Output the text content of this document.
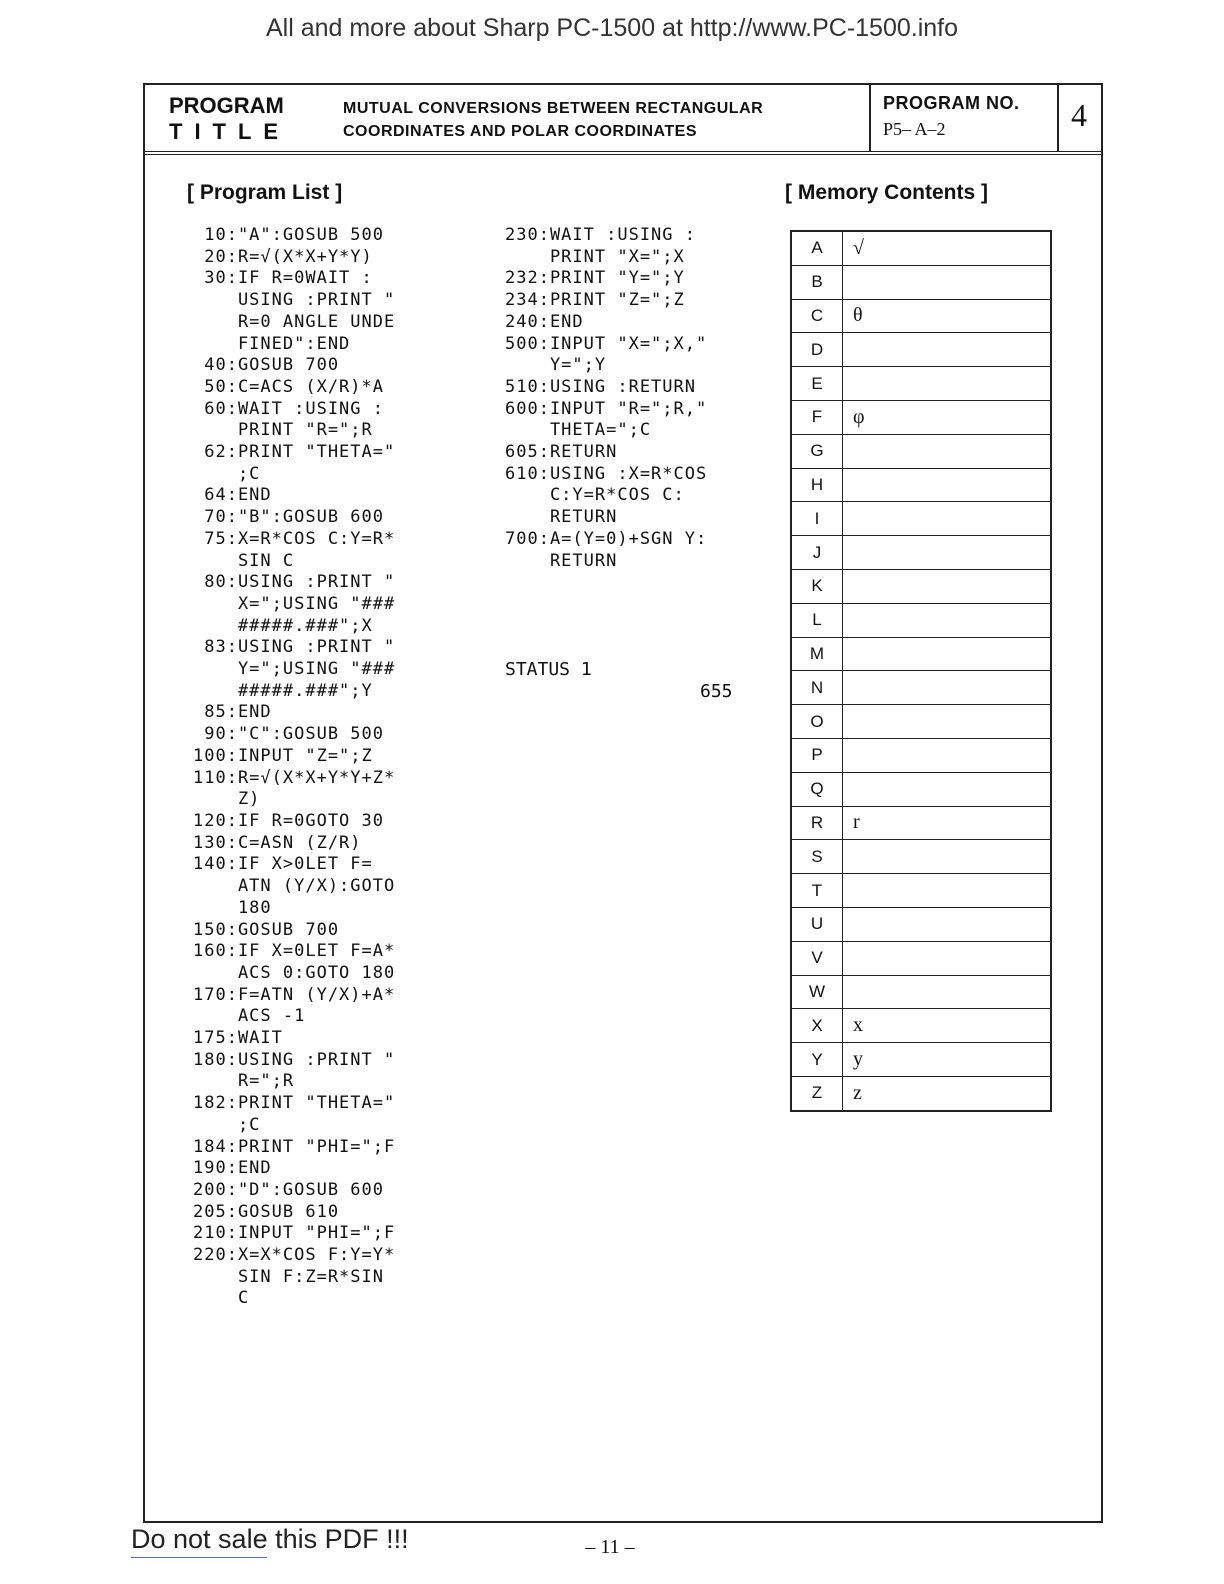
All and more about Sharp PC-1500 at http://www.PC-1500.info
PROGRAM
TITLE
MUTUAL CONVERSIONS BETWEEN RECTANGULAR
COORDINATES AND POLAR COORDINATES
PROGRAM NO.
P5– A–2	4
[ Program List ]	[ Memory Contents ]
10:"A":GOSUB 500
20:R=√(X*X+Y*Y)
30:IF R=0WAIT :
USING :PRINT "
R=0 ANGLE UNDE
FINED":END
40:GOSUB 700
50:C=ACS (X/R)*A
60:WAIT :USING :
PRINT "R=";R
62:PRINT "THETA="
;C
64:END
70:"B":GOSUB 600
75:X=R*COS C:Y=R*
SIN C
80:USING :PRINT "
X=";USING "###
#####.###";X
83:USING :PRINT "
Y=";USING "###
#####.###";Y
85:END
90:"C":GOSUB 500
100:INPUT "Z=";Z
110:R=√(X*X+Y*Y+Z*
Z)
120:IF R=0GOTO 30
130:C=ASN (Z/R)
140:IF X>0LET F=
ATN (Y/X):GOTO
180
150:GOSUB 700
160:IF X=0LET F=A*
ACS 0:GOTO 180
170:F=ATN (Y/X)+A*
ACS -1
175:WAIT
180:USING :PRINT "
R=";R
182:PRINT "THETA="
;C
184:PRINT "PHI=";F
190:END
200:"D":GOSUB 600
205:GOSUB 610
210:INPUT "PHI=";F
220:X=X*COS F:Y=Y*
SIN F:Z=R*SIN
C
230:WAIT :USING :
PRINT "X=";X
232:PRINT "Y=";Y
234:PRINT "Z=";Z
240:END
500:INPUT "X=";X,"
Y=";Y
510:USING :RETURN
600:INPUT "R=";R,"
THETA=";C
605:RETURN
610:USING :X=R*COS
C:Y=R*COS C:
RETURN
700:A=(Y=0)+SGN Y:
RETURN
STATUS 1
655
A	√
B	
C	θ
D	
E	
F	φ
G	
H	
I	
J	
K	
L	
M	
N	
O	
P	
Q	
R	r
S	
T	
U	
V	
W	
X	x
Y	y
Z	z
Do not sale this PDF !!!	– 11 –
